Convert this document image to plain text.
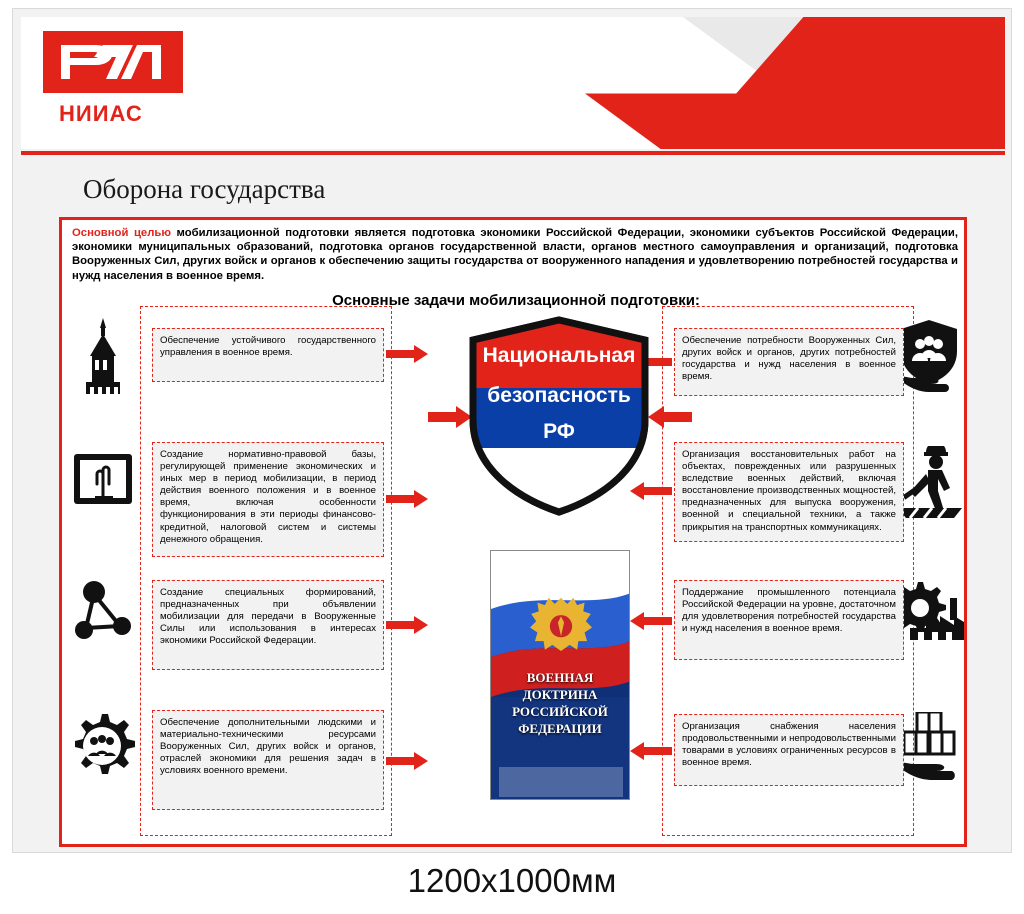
НИИАС
Оборона государства
Основной целью мобилизационной подготовки является подготовка экономики Российской Федерации, экономики субъектов Российской Федерации, экономики муниципальных образований, подготовка органов государственной власти, органов местного самоуправления и организаций, подготовка Вооруженных Сил, других войск и органов к обеспечению защиты государства от вооруженного нападения и удовлетворению потребностей государства и нужд населения в военное время.
Основные задачи мобилизационной подготовки:
Обеспечение устойчивого государственного управления в военное время.
Создание нормативно-правовой базы, регулирующей применение экономических и иных мер в период мобилизации, в период действия военного положения и в военное время, включая особенности функционирования в эти периоды финансово-кредитной, налоговой систем и системы денежного обращения.
Создание специальных формирований, предназначенных при объявлении мобилизации для передачи в Вооруженные Силы или использования в интересах экономики Российской Федерации.
Обеспечение дополнительными людскими и материально-техническими ресурсами Вооруженных Сил, других войск и органов, отраслей экономики для решения задач в условиях военного времени.
Обеспечение потребности Вооруженных Сил, других войск и органов, других потребностей государства и нужд населения в военное время.
Организация восстановительных работ на объектах, поврежденных или разрушенных вследствие военных действий, включая восстановление производственных мощностей, предназначенных для выпуска вооружения, военной и специальной техники, а также прикрытия на транспортных коммуникациях.
Поддержание промышленного потенциала Российской Федерации на уровне, достаточном для удовлетворения потребностей государства и нужд населения в военное время.
Организация снабжения населения продовольственными и непродовольственными товарами в условиях ограниченных ресурсов в военное время.
Национальная
безопасность
РФ
ВОЕННАЯ
ДОКТРИНА
РОССИЙСКОЙ
ФЕДЕРАЦИИ
1200х1000мм
